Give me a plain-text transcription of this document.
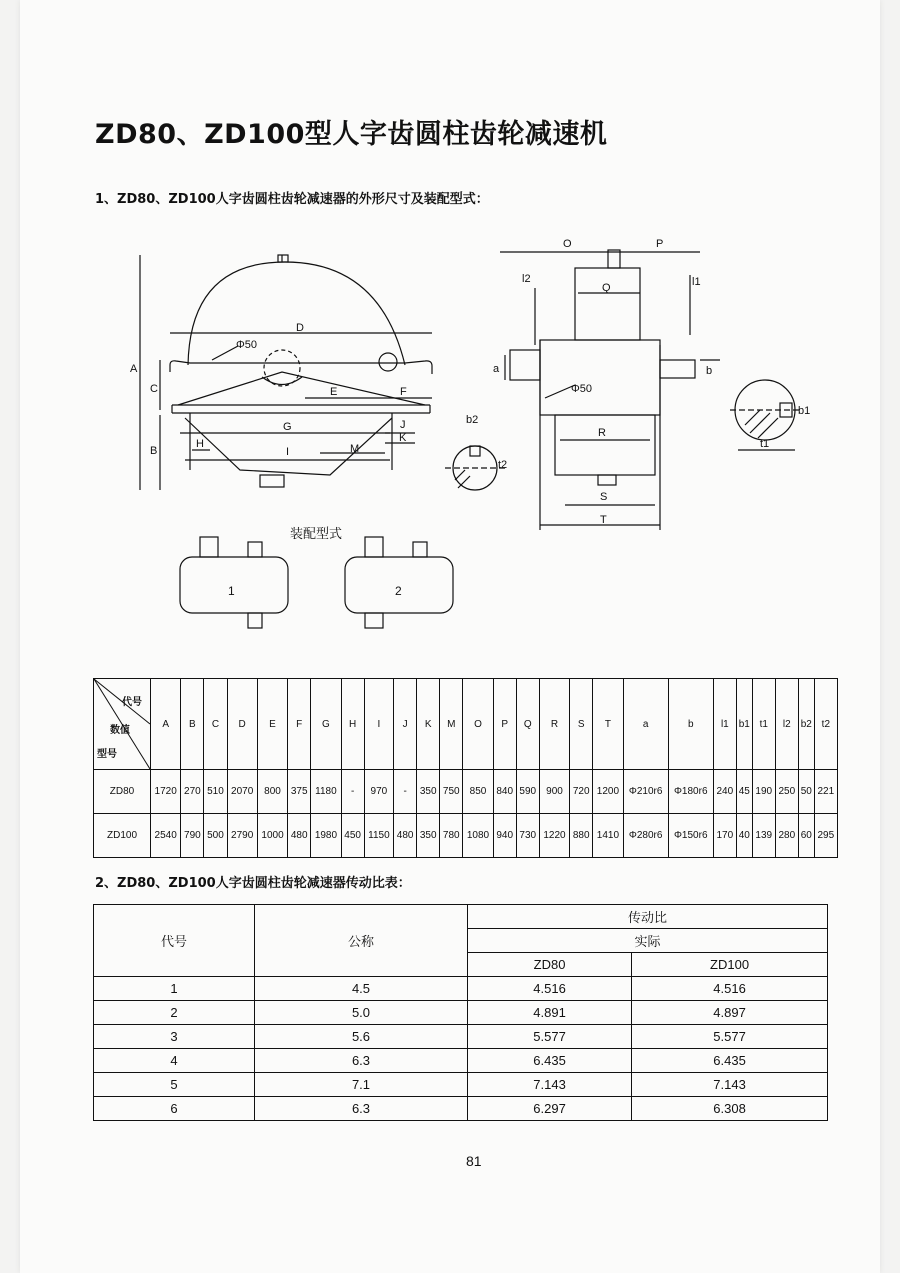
ZD80、ZD100型人字齿圆柱齿轮减速机
1、ZD80、ZD100人字齿圆柱齿轮减速器的外形尺寸及装配型式：
A
C
B
D
Φ50
E	F
G
H
I	M
J
K
O	P
Q
l2	l1
a	b
Φ50
R
S
T
b2
t2
b1
t1
装配型式
1	2
代号
数值
型号	A	B	C	D	E	F	G	H	I	J	K	M	O	P	Q	R	S	T	a	b	l1	b1	t1	l2	b2	t2
ZD80	1720	270	510	2070	800	375	1180	-	970	-	350	750	850	840	590	900	720	1200	Φ210r6	Φ180r6	240	45	190	250	50	221
ZD100	2540	790	500	2790	1000	480	1980	450	1150	480	350	780	1080	940	730	1220	880	1410	Φ280r6	Φ150r6	170	40	139	280	60	295
2、ZD80、ZD100人字齿圆柱齿轮减速器传动比表：
代号	公称	传动比	
		实际	
		ZD80	ZD100
1	4.5	4.516	4.516
2	5.0	4.891	4.897
3	5.6	5.577	5.577
4	6.3	6.435	6.435
5	7.1	7.143	7.143
6	6.3	6.297	6.308
81
